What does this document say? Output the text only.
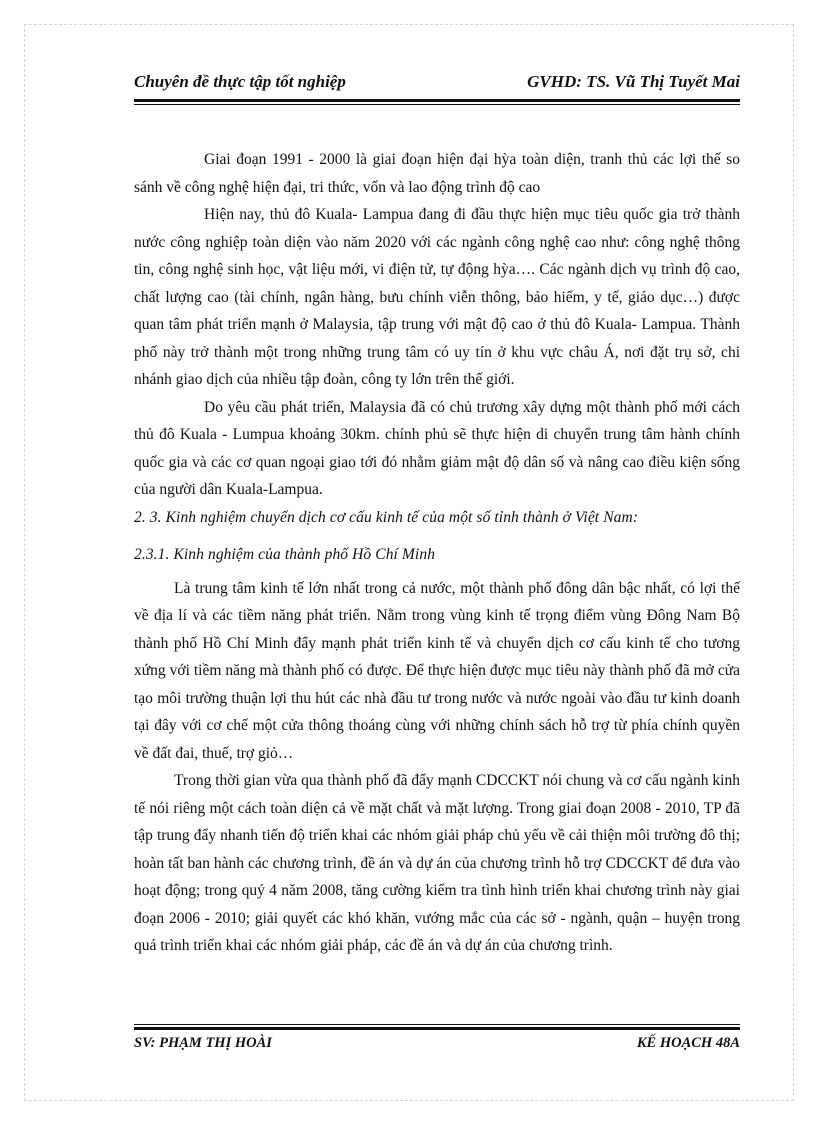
Chuyên đề thực tập tốt nghiệp	GVHD: TS. Vũ Thị Tuyết Mai

Giai đoạn 1991 - 2000 là giai đoạn hiện đại hỳa toàn diện, tranh thủ các lợi thế so sánh về công nghệ hiện đại, tri thức, vốn và lao động trình độ cao

Hiện nay, thủ đô Kuala- Lampua đang đi đầu thực hiện mục tiêu quốc gia trở thành nước công nghiệp toàn diện vào năm 2020 với các ngành công nghệ cao như: công nghệ thông tin, công nghệ sinh học, vật liệu mới, vi điện tử, tự động hỳa…. Các ngành dịch vụ trình độ cao, chất lượng cao (tài chính, ngân hàng, bưu chính viễn thông, bảo hiểm, y tế, giáo dục…) được quan tâm phát triển mạnh ở Malaysia, tập trung với mật độ cao ở thủ đô Kuala- Lampua. Thành phố này trở thành một trong những trung tâm có uy tín ở khu vực châu Á, nơi đặt trụ sở, chi nhánh giao dịch của nhiều tập đoàn, công ty lớn trên thế giới.

Do yêu cầu phát triển, Malaysia đã có chủ trương xây dựng một thành phố mới cách thủ đô Kuala - Lumpua khoảng 30km. chính phủ sẽ thực hiện di chuyển trung tâm hành chính quốc gia và các cơ quan ngoại giao tới đó nhằm giảm mật độ dân số và nâng cao điều kiện sống của người dân Kuala-Lampua.

2. 3. Kinh nghiệm chuyển dịch cơ cấu kinh tế của một số tỉnh thành ở Việt Nam:

2.3.1. Kinh nghiệm của thành phố Hồ Chí Minh

Là trung tâm kinh tế lớn nhất trong cả nước, một thành phố đông dân bậc nhất, có lợi thế về địa lí và các tiềm năng phát triển. Nằm trong vùng kinh tế trọng điểm vùng Đông Nam Bộ thành phố Hồ Chí Minh đẩy mạnh phát triển kinh tế và chuyển dịch cơ cấu kinh tế cho tương xứng với tiềm năng mà thành phố có được. Để thực hiện được mục tiêu này thành phố đã mở cửa tạo môi trường thuận lợi thu hút các nhà đầu tư trong nước và nước ngoài vào đầu tư kinh doanh tại đây với cơ chế một cửa thông thoáng cùng với những chính sách hỗ trợ từ phía chính quyền về đất đai, thuế, trợ giỏ…

Trong thời gian vừa qua thành phố đã đẩy mạnh CDCCKT nói chung và cơ cấu ngành kinh tế nói riêng một cách toàn diện cả về mặt chất và mặt lượng. Trong giai đoạn 2008 - 2010, TP đã tập trung đẩy nhanh tiến độ triển khai các nhóm giải pháp chủ yếu về cải thiện môi trường đô thị; hoàn tất ban hành các chương trình, đề án và dự án của chương trình hỗ trợ CDCCKT để đưa vào hoạt động; trong quý 4 năm 2008, tăng cường kiểm tra tình hình triển khai chương trình này giai đoạn 2006 - 2010; giải quyết các khó khăn, vướng mắc của các sở - ngành, quận – huyện trong quá trình triển khai các nhóm giải pháp, các đề án và dự án của chương trình.

SV: PHẠM THỊ HOÀI	KẾ HOẠCH 48A
